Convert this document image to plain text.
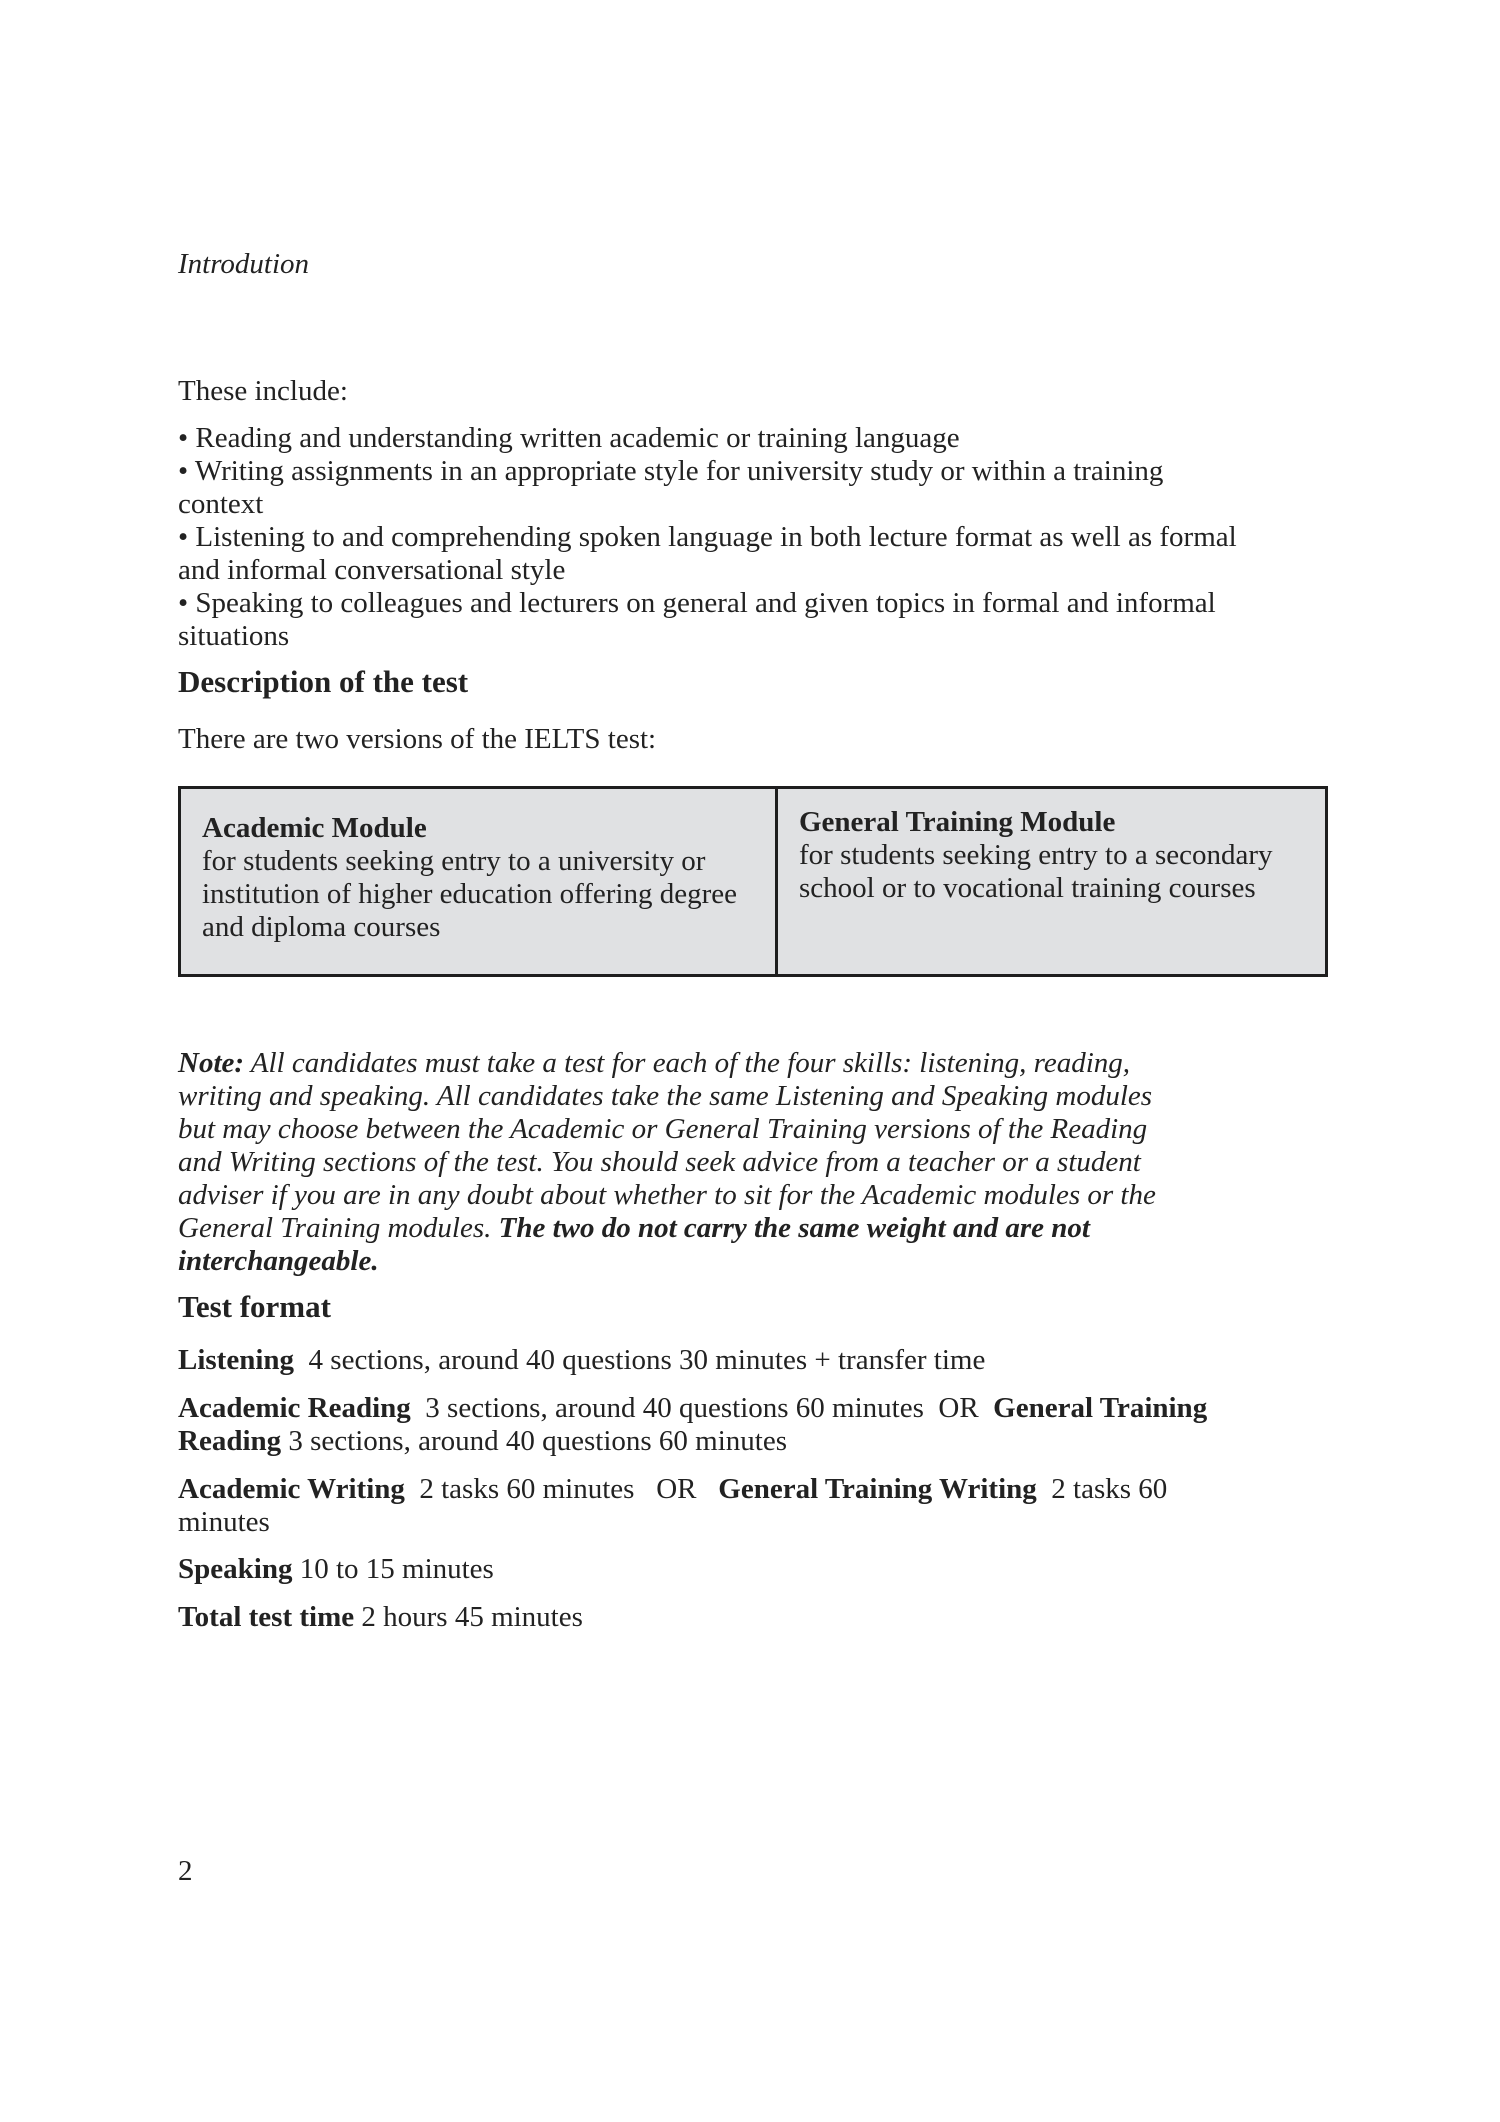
Introdution
These include:
• Reading and understanding written academic or training language
• Writing assignments in an appropriate style for university study or within a training context
• Listening to and comprehending spoken language in both lecture format as well as formal and informal conversational style
• Speaking to colleagues and lecturers on general and given topics in formal and informal situations
Description of the test
There are two versions of the IELTS test:
Academic Module
for students seeking entry to a university or institution of higher education offering degree and diploma courses
General Training Module
for students seeking entry to a secondary school or to vocational training courses
Note: All candidates must take a test for each of the four skills: listening, reading, writing and speaking. All candidates take the same Listening and Speaking modules but may choose between the Academic or General Training versions of the Reading and Writing sections of the test. You should seek advice from a teacher or a student adviser if you are in any doubt about whether to sit for the Academic modules or the General Training modules. The two do not carry the same weight and are not interchangeable.
Test format
Listening 4 sections, around 40 questions 30 minutes + transfer time
Academic Reading 3 sections, around 40 questions 60 minutes OR General Training Reading 3 sections, around 40 questions 60 minutes
Academic Writing 2 tasks 60 minutes OR General Training Writing 2 tasks 60 minutes
Speaking 10 to 15 minutes
Total test time 2 hours 45 minutes
2
